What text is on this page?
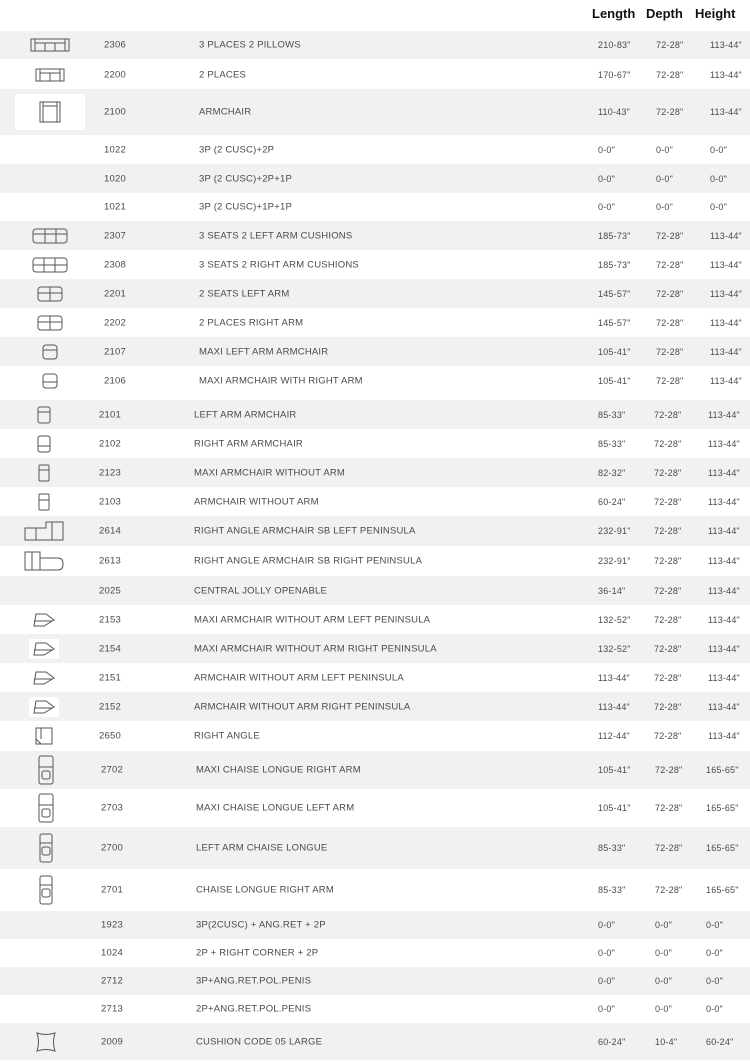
Length Depth Height
2306	3 PLACES 2 PILLOWS	210-83"	72-28"	113-44"
2200	2 PLACES	170-67"	72-28"	113-44"
2100	ARMCHAIR	110-43"	72-28"	113-44"
1022	3P (2 CUSC)+2P	0-0"	0-0"	0-0"
1020	3P (2 CUSC)+2P+1P	0-0"	0-0"	0-0"
1021	3P (2 CUSC)+1P+1P	0-0"	0-0"	0-0"
2307	3 SEATS 2 LEFT ARM CUSHIONS	185-73"	72-28"	113-44"
2308	3 SEATS 2 RIGHT ARM CUSHIONS	185-73"	72-28"	113-44"
2201	2 SEATS LEFT ARM	145-57"	72-28"	113-44"
2202	2 PLACES RIGHT ARM	145-57"	72-28"	113-44"
2107	MAXI LEFT ARM ARMCHAIR	105-41"	72-28"	113-44"
2106	MAXI ARMCHAIR WITH RIGHT ARM	105-41"	72-28"	113-44"
2101	LEFT ARM ARMCHAIR	85-33"	72-28"	113-44"
2102	RIGHT ARM ARMCHAIR	85-33"	72-28"	113-44"
2123	MAXI ARMCHAIR WITHOUT ARM	82-32"	72-28"	113-44"
2103	ARMCHAIR WITHOUT ARM	60-24"	72-28"	113-44"
2614	RIGHT ANGLE ARMCHAIR SB LEFT PENINSULA	232-91"	72-28"	113-44"
2613	RIGHT ANGLE ARMCHAIR SB RIGHT PENINSULA	232-91"	72-28"	113-44"
2025	CENTRAL JOLLY OPENABLE	36-14"	72-28"	113-44"
2153	MAXI ARMCHAIR WITHOUT ARM LEFT PENINSULA	132-52"	72-28"	113-44"
2154	MAXI ARMCHAIR WITHOUT ARM RIGHT PENINSULA	132-52"	72-28"	113-44"
2151	ARMCHAIR WITHOUT ARM LEFT PENINSULA	113-44"	72-28"	113-44"
2152	ARMCHAIR WITHOUT ARM RIGHT PENINSULA	113-44"	72-28"	113-44"
2650	RIGHT ANGLE	112-44"	72-28"	113-44"
2702	MAXI CHAISE LONGUE RIGHT ARM	105-41"	72-28"	165-65"
2703	MAXI CHAISE LONGUE LEFT ARM	105-41"	72-28"	165-65"
2700	LEFT ARM CHAISE LONGUE	85-33"	72-28"	165-65"
2701	CHAISE LONGUE RIGHT ARM	85-33"	72-28"	165-65"
1923	3P(2CUSC) + ANG.RET + 2P	0-0"	0-0"	0-0"
1024	2P + RIGHT CORNER + 2P	0-0"	0-0"	0-0"
2712	3P+ANG.RET.POL.PENIS	0-0"	0-0"	0-0"
2713	2P+ANG.RET.POL.PENIS	0-0"	0-0"	0-0"
2009	CUSHION CODE 05 LARGE	60-24"	10-4"	60-24"
